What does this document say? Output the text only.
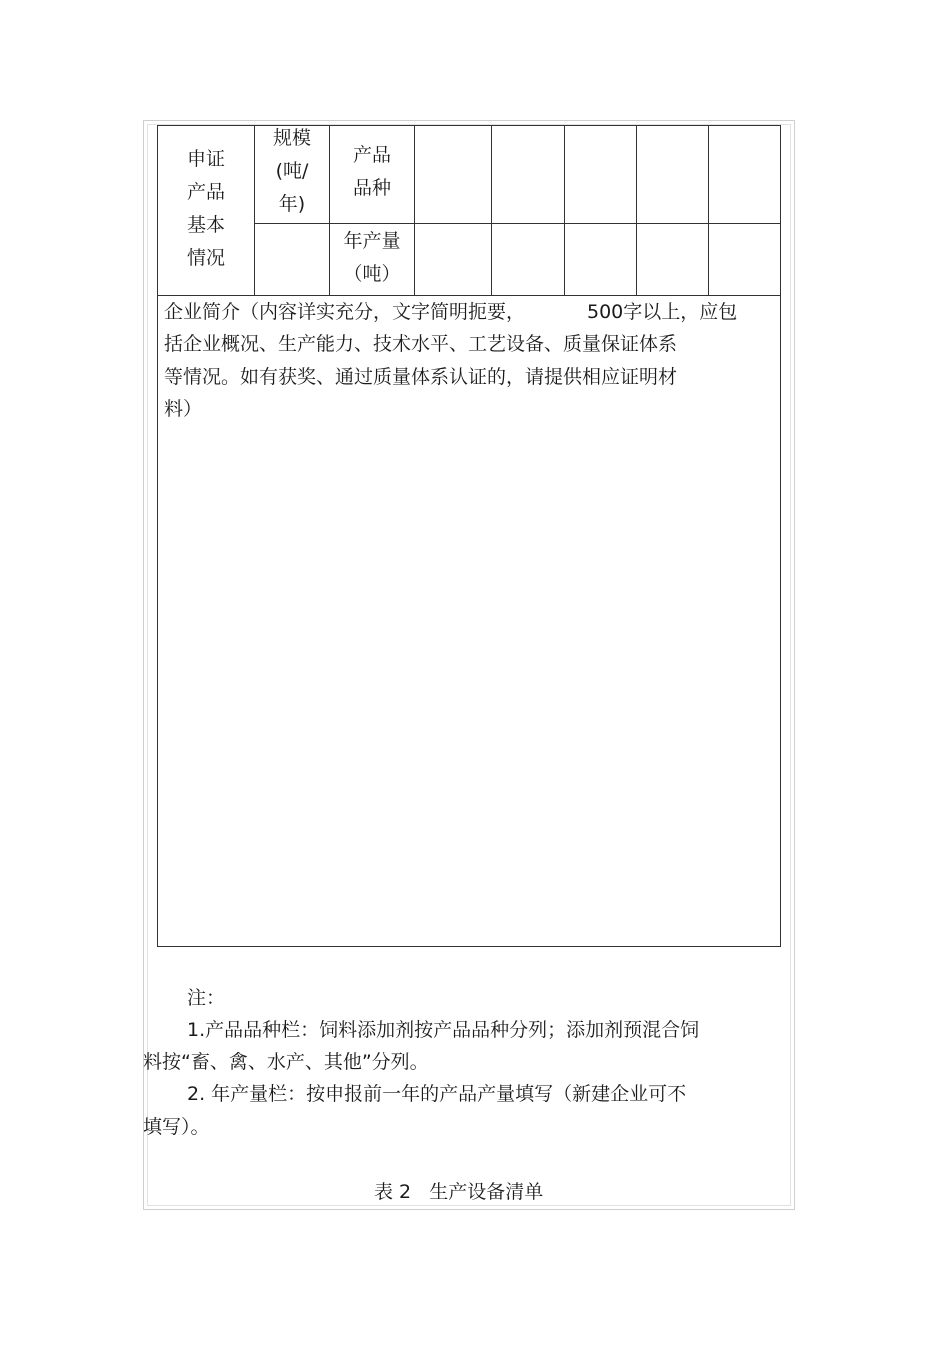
申证
产品
基本
情况
规模
(吨/
年)
产品
品种
年产量
（吨）
企业简介（内容详实充分，文字简明扼要，	500字以上，应包
括企业概况、生产能力、技术水平、工艺设备、质量保证体系
等情况。如有获奖、通过质量体系认证的，请提供相应证明材
料）
注：
1.产品品种栏：饲料添加剂按产品品种分列；添加剂预混合饲
料按“畜、禽、水产、其他”分列。
2. 年产量栏：按申报前一年的产品产量填写（新建企业可不
填写）。
表 2   生产设备清单
